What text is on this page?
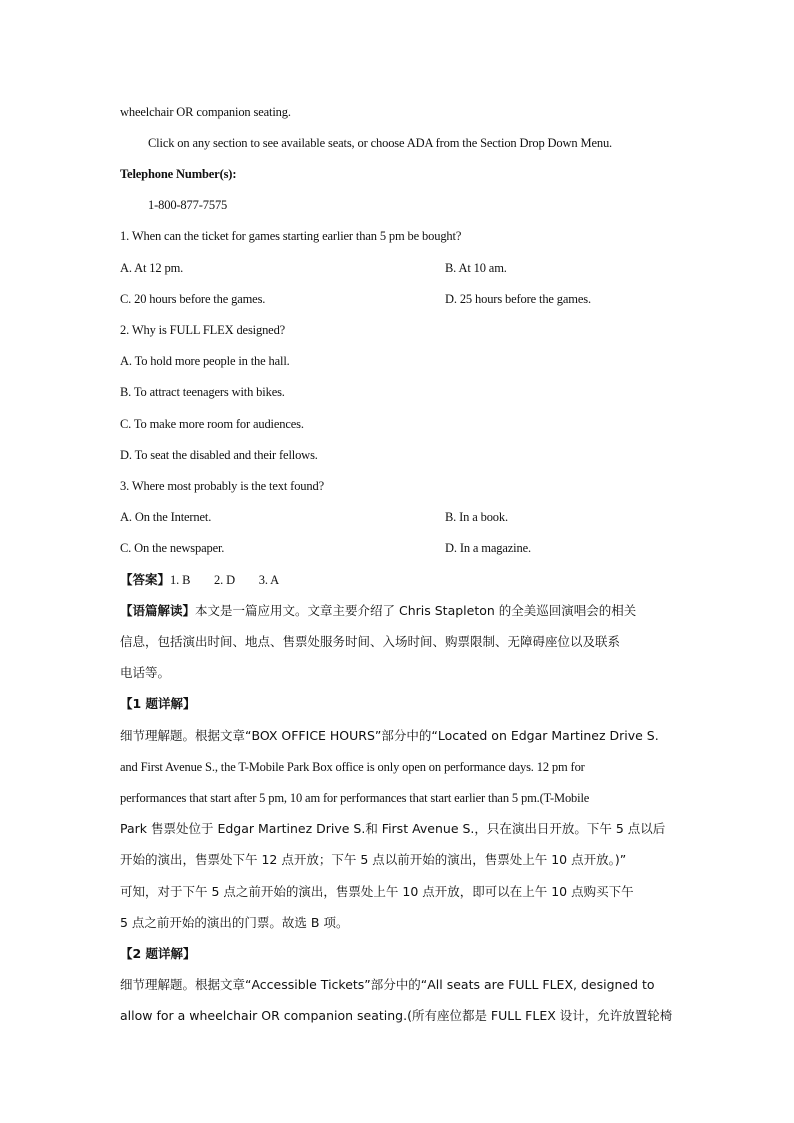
wheelchair OR companion seating.
Click on any section to see available seats, or choose ADA from the Section Drop Down Menu.
Telephone Number(s):
1-800-877-7575
1. When can the ticket for games starting earlier than 5 pm be bought?
A. At 12 pm.	B. At 10 am.
C. 20 hours before the games.	D. 25 hours before the games.
2. Why is FULL FLEX designed?
A. To hold more people in the hall.
B. To attract teenagers with bikes.
C. To make more room for audiences.
D. To seat the disabled and their fellows.
3. Where most probably is the text found?
A. On the Internet.	B. In a book.
C. On the newspaper.	D. In a magazine.
【答案】1. B        2. D        3. A
【语篇解读】本文是一篇应用文。文章主要介绍了 Chris Stapleton 的全美巡回演唱会的相关
信息，包括演出时间、地点、售票处服务时间、入场时间、购票限制、无障碍座位以及联系
电话等。
【1 题详解】
细节理解题。根据文章“BOX OFFICE HOURS”部分中的“Located on Edgar Martinez Drive S.
and First Avenue S., the T-Mobile Park Box office is only open on performance days. 12 pm for
performances that start after 5 pm, 10 am for performances that start earlier than 5 pm.(T-Mobile
Park 售票处位于 Edgar Martinez Drive S.和 First Avenue S.，只在演出日开放。下午 5 点以后
开始的演出，售票处下午 12 点开放；下午 5 点以前开始的演出，售票处上午 10 点开放。)”
可知，对于下午 5 点之前开始的演出，售票处上午 10 点开放，即可以在上午 10 点购买下午
5 点之前开始的演出的门票。故选 B 项。
【2 题详解】
细节理解题。根据文章“Accessible Tickets”部分中的“All seats are FULL FLEX, designed to
allow for a wheelchair OR companion seating.(所有座位都是 FULL FLEX 设计，允许放置轮椅
